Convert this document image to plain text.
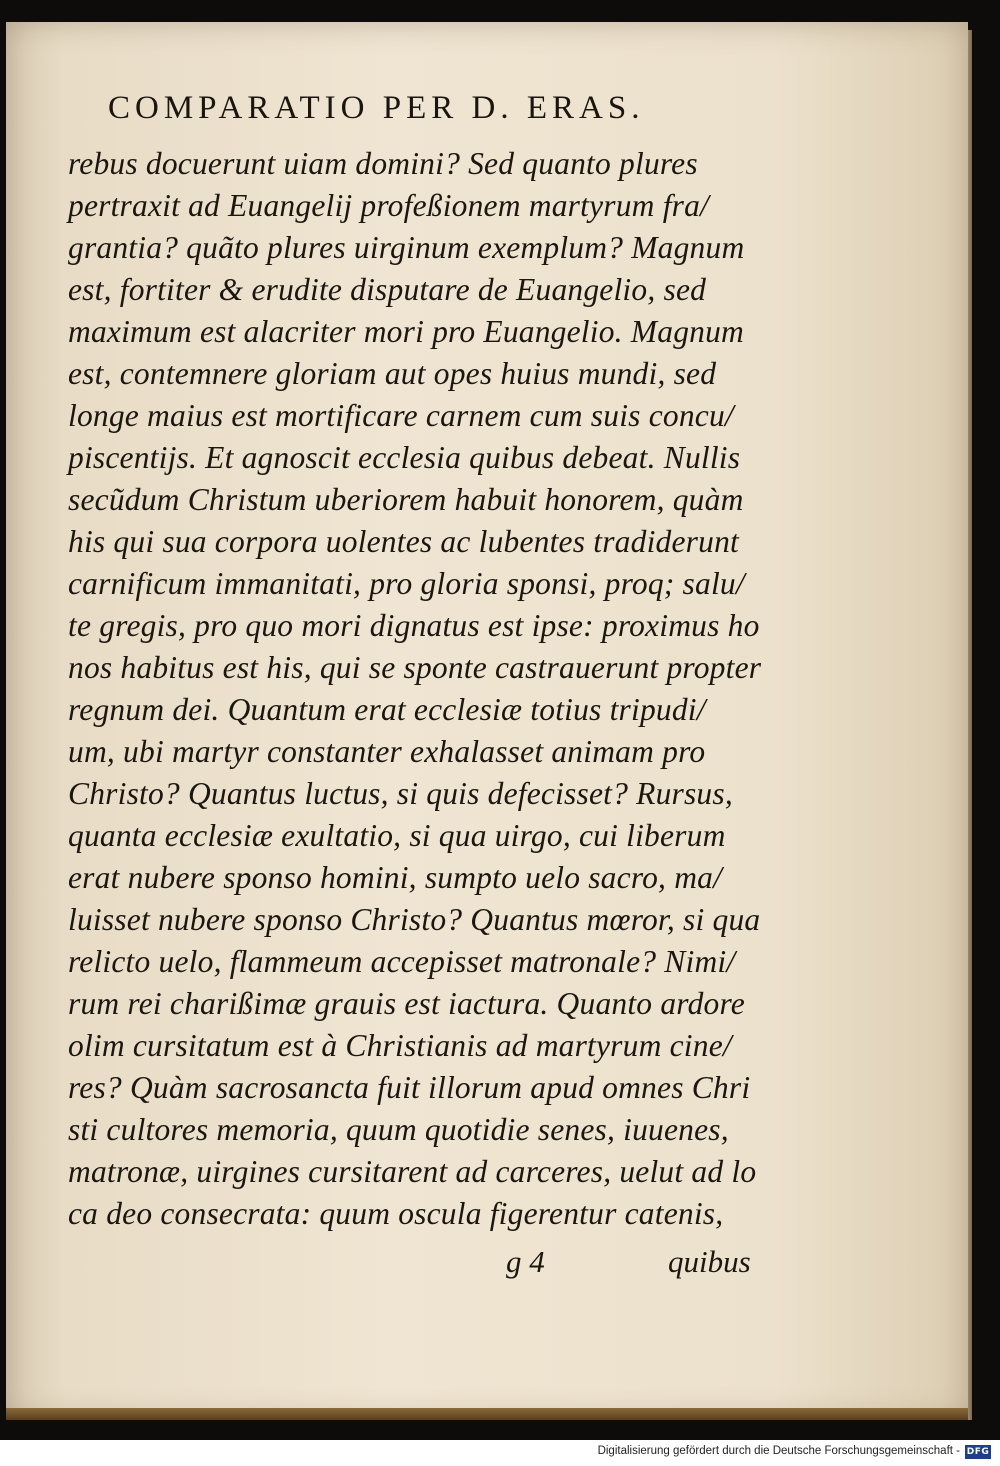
COMPARATIO PER D. ERAS.
rebus docuerunt uiam domini? Sed quanto plures
pertraxit ad Euangelij profeßionem martyrum fra/
grantia? quãto plures uirginum exemplum? Magnum
est, fortiter & erudite disputare de Euangelio, sed
maximum est alacriter mori pro Euangelio. Magnum
est, contemnere gloriam aut opes huius mundi, sed
longe maius est mortificare carnem cum suis concu/
piscentijs. Et agnoscit ecclesia quibus debeat. Nullis
secũdum Christum uberiorem habuit honorem, quàm
his qui sua corpora uolentes ac lubentes tradiderunt
carnificum immanitati, pro gloria sponsi, proq; salu/
te gregis, pro quo mori dignatus est ipse: proximus ho
nos habitus est his, qui se sponte castrauerunt propter
regnum dei. Quantum erat ecclesiæ totius tripudi/
um, ubi martyr constanter exhalasset animam pro
Christo? Quantus luctus, si quis defecisset? Rursus,
quanta ecclesiæ exultatio, si qua uirgo, cui liberum
erat nubere sponso homini, sumpto uelo sacro, ma/
luisset nubere sponso Christo? Quantus mœror, si qua
relicto uelo, flammeum accepisset matronale? Nimi/
rum rei charißimæ grauis est iactura. Quanto ardore
olim cursitatum est à Christianis ad martyrum cine/
res? Quàm sacrosancta fuit illorum apud omnes Chri
sti cultores memoria, quum quotidie senes, iuuenes,
matronæ, uirgines cursitarent ad carceres, uelut ad lo
ca deo consecrata: quum oscula figerentur catenis,
g 4	quibus
Digitalisierung gefördert durch die Deutsche Forschungsgemeinschaft - DFG
